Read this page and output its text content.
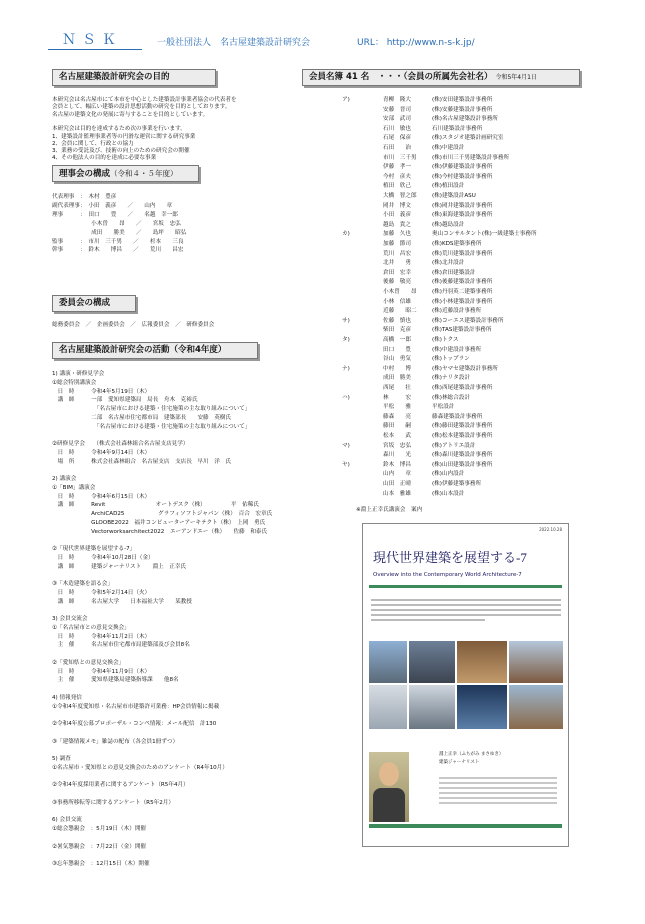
ＮＳＫ	一般社団法人　名古屋建築設計研究会	URL： http://www.n-s-k.jp/
名古屋建築設計研究会の目的
本研究会は名古屋市にて本市を中心とした建築設計事業者協会の代表者を
会員として、幅広い建築の設計思想活動の研究を目的としております。
名古屋の建築文化の発展に寄与することを目的としています。
本研究会は目的を達成するため次の事業を行います。
1、建築設計監理事業者等の円滑な運営に関する研究事業
2、会員に関して、行政との協力
3、業務の受託及び、技術の向上のための研究会の開催
4、その他法人の目的を達成に必要な事業
理事会の構成（令和４・５年度）
代表理事　：　木村　豊彦
副代表理事：　小田　義彦　　／　　山内　　章
理事　　　：　田口　　豊　　／　　名越　幸一郎
　　　　　　　小木曽　　昂　　／　　宮坂　忠弘
　　　　　　　成田　　勝美　　／　　島坪　　昭弘
監事　　　：　市川　三千男　　／　　杉本　　三良
幹事　　　：　鈴木　　博昌　　／　　荒川　　昌宏
委員会の構成
総務委員会　／　企画委員会　／　広報委員会　／　研修委員会
名古屋建築設計研究会の活動（令和4年度）
1) 講演・研修見学会
①総会特別講演会
　日　時　　　令和4年5月19日（木）
　講　師　　　一部　愛知県建築局　局長　舟木　克裕氏
　　　　　　　　「名古屋市における建築・住宅施策の主な取り組みについて」
　　　　　　　二部　名古屋市住宅都市局　建築部長　　安藤　英樹氏
　　　　　　　　「名古屋市における建築・住宅施策の主な取り組みについて」
②研修見学会　　（株式会社森林組合名古屋支店見学）
　日　時　　　令和4年9月14日（木）
　場　所　　　株式会社森林組合　名古屋支店　支店長　早川　洋　氏
2) 講演会
①「BIM」講演会
　日　時　　　令和4年6月15日（木）
　講　師　　　Revit　　　　　　　　　オートデスク（株）　　　　　平　佑稀氏
　　　　　　　ArchiCAD25　　　　　　グラフィソフトジャパン（株）　百合　宏章氏
　　　　　　　GLOOBE2022　福井コンピューターアーキテクト（株）　上岡　勇氏
　　　　　　　Vectorworksarchitect2022　エーアンドエー（株）　　佐藤　和泰氏
②「現代世界建築を展望する-7」
　日　時　　　令和4年10月28日（金）
　講　師　　　建築ジャーナリスト　　淵上　正幸氏
③「木造建築を語る会」
　日　時　　　令和5年2月14日（火）
　講　師　　　名古屋大学　　日本福祉大学　　某教授
3) 会員交流会
①「名古屋市との意見交換会」
　日　時　　　令和4年11月2日（木）
　主　催　　　名古屋市住宅都市局建築部及び会員8名
②「愛知県との意見交換会」
　日　時　　　令和4年11月9日（木）
　主　催　　　愛知県建築局建築指導課　　他8名
4) 情報発信
①令和4年度愛知県・名古屋市市建築許可業務：HP会員情報に掲載
②令和4年度公募プロポーザル・コンペ情報：メール配信　計130
③「建築情報メモ」雑誌の配布（各会員1冊ずつ）
5) 調査
①名古屋市・愛知県との意見交換会のためのアンケート（R4年10月）
②令和4年度採用業者に関するアンケート（R5年4月）
③事務所移転等に関するアンケート（R5年2月）
6) 会員交流
①総会懇親会　：5月19日（木）開催
②暑気懇親会　：7月22日（金）開催
③忘年懇親会　：12月15日（木）開催
会員名簿 41 名　・・・（会員の所属先会社名） 令和5年4月1日
ア)	青柳　隆大	(株)安田建築設計事務所
安藤　晋司	(株)安藤建築設計事務所
安部　武司	(株)名古屋建築設計事務所
石川　敏也	石川建築設計事務所
石尾　保彦	(株)スタジオ建築計画研究室
石田　　治	(株)中建設計
市川　三千男	(株)市川三千男建築設計事務所
伊藤　孝一	(株)伊藤建築設計事務所
今村　彦夫	(株)今村建築設計事務所
植田　欣己	(株)植田設計
大橋　智之郎	(株)建築設計ASU
岡井　博文	(株)岡井建築設計事務所
小田　義彦	(株)東海建築設計事務所
越島　貴之	(株)越島設計
カ)	加藤　久也	奥山コンサルタント(株)一級建築士事務所
加藤　節司	(株)KDS建築事務所
荒川　昌宏	(株)荒川建築設計事務所
北井　　勇	(株)北井設計
倉田　宏幸	(株)倉田建築設計
後藤　敬亮	(株)後藤建築設計事務所
小木曽　　昂	(株)丹羽英二建築事務所
小林　信雄	(株)小林建築設計事務所
近藤　　昭二	(株)近藤設計事務所
サ)	佐藤　慎也	(株)コーエス建築設計事務所
柴田　克彦	(株)TAS建築設計事務所
タ)	高橋　一郎	(株)トクス
田口　　豊	(株)中建設計事務所
谷山　勇気	(株)トップラン
ナ)	中村　　博	(株)ヤマセ建築設計事務所
成田　勝美	(株)ナリタ設計
西尾　　壮	(株)西尾建築設計事務所
ハ)	林　　　宏	(株)林総合設計
平松　　雅	平松設計
藤森　　亮	藤森建築設計事務所
藤田　　嗣	(株)藤田建築設計事務所
松本　　武	(株)松本建築設計事務所
マ)	宮坂　忠弘	(株)アトリエ設計
森川　　光	(株)森川建築設計事務所
ヤ)	鈴木　博昌	(株)山田建築設計事務所
山内　　章	(株)山内設計
山田　正晴	(株)伊藤建築事務所
山本　雅雄	(株)山本設計
※淵上正幸氏講演会　案内
2022.10.28
現代世界建築を展望する-7
Overview into the Contemporary World Architecture-7
淵上正幸（ふちがみ まさゆき）
建築ジャーナリスト
